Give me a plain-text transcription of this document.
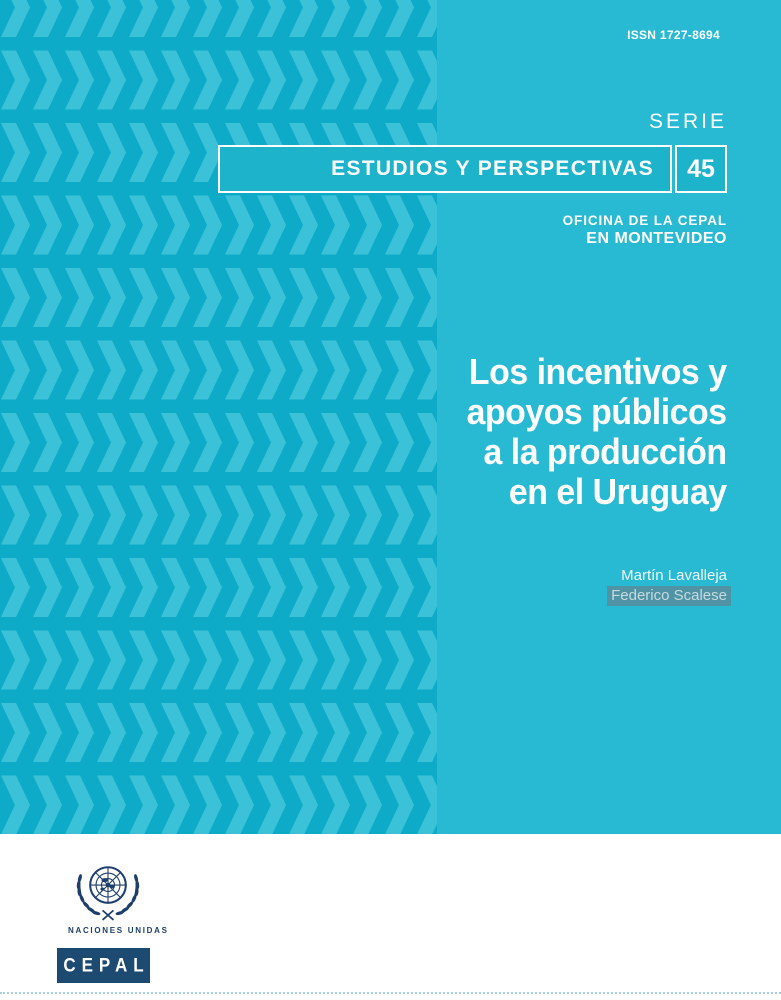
ISSN 1727-8694
SERIE
ESTUDIOS Y PERSPECTIVAS	45
OFICINA DE LA CEPAL
EN MONTEVIDEO
Los incentivos y
apoyos públicos
a la producción
en el Uruguay
Martín Lavalleja
Federico Scalese
NACIONES UNIDAS
CEPAL
